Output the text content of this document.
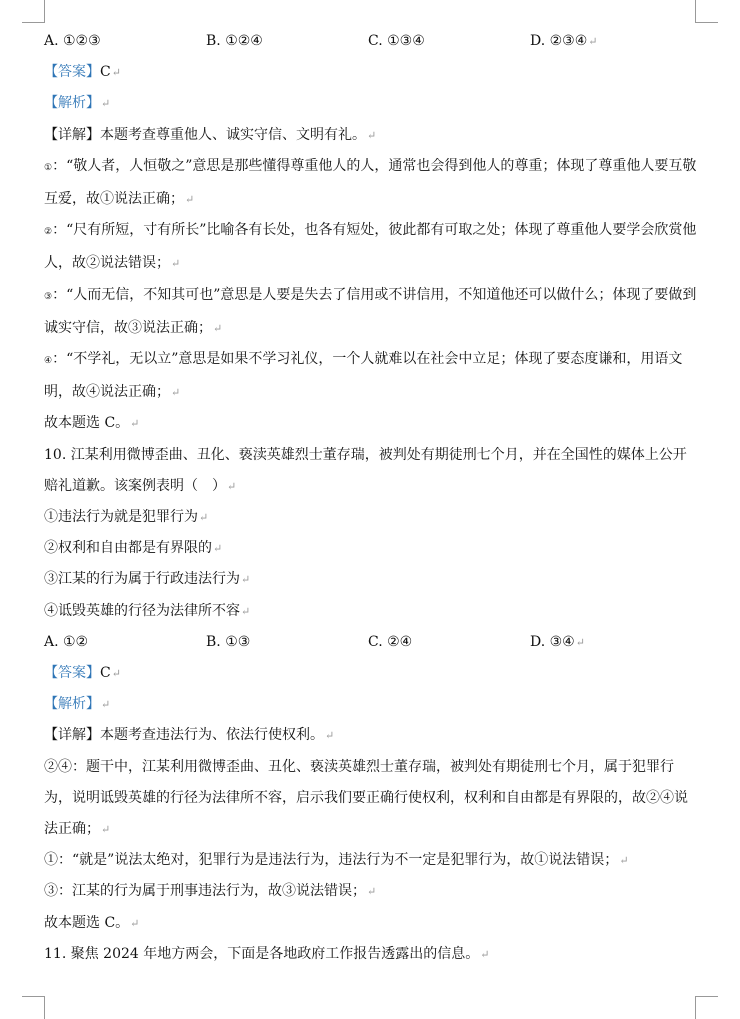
A. ①②③	B. ①②④	C. ①③④	D. ②③④↵
【答案】C↵
【解析】↵
【详解】本题考查尊重他人、诚实守信、文明有礼。↵
①：“敬人者，人恒敬之”意思是那些懂得尊重他人的人，通常也会得到他人的尊重；体现了尊重他人要互敬互爱，故①说法正确；↵
②：“尺有所短，寸有所长”比喻各有长处，也各有短处，彼此都有可取之处；体现了尊重他人要学会欣赏他人，故②说法错误；↵
③：“人而无信，不知其可也”意思是人要是失去了信用或不讲信用，不知道他还可以做什么；体现了要做到诚实守信，故③说法正确；↵
④：“不学礼，无以立”意思是如果不学习礼仪，一个人就难以在社会中立足；体现了要态度谦和，用语文明，故④说法正确；↵
故本题选 C。↵
10. 江某利用微博歪曲、丑化、亵渎英雄烈士董存瑞，被判处有期徒刑七个月，并在全国性的媒体上公开赔礼道歉。该案例表明（　）↵
①违法行为就是犯罪行为↵
②权利和自由都是有界限的↵
③江某的行为属于行政违法行为↵
④诋毁英雄的行径为法律所不容↵
A. ①②	B. ①③	C. ②④	D. ③④↵
【答案】C↵
【解析】↵
【详解】本题考查违法行为、依法行使权利。↵
②④：题干中，江某利用微博歪曲、丑化、亵渎英雄烈士董存瑞，被判处有期徒刑七个月，属于犯罪行为，说明诋毁英雄的行径为法律所不容，启示我们要正确行使权利，权利和自由都是有界限的，故②④说法正确；↵
①：“就是”说法太绝对，犯罪行为是违法行为，违法行为不一定是犯罪行为，故①说法错误；↵
③：江某的行为属于刑事违法行为，故③说法错误；↵
故本题选 C。↵
11. 聚焦 2024 年地方两会，下面是各地政府工作报告透露出的信息。↵
